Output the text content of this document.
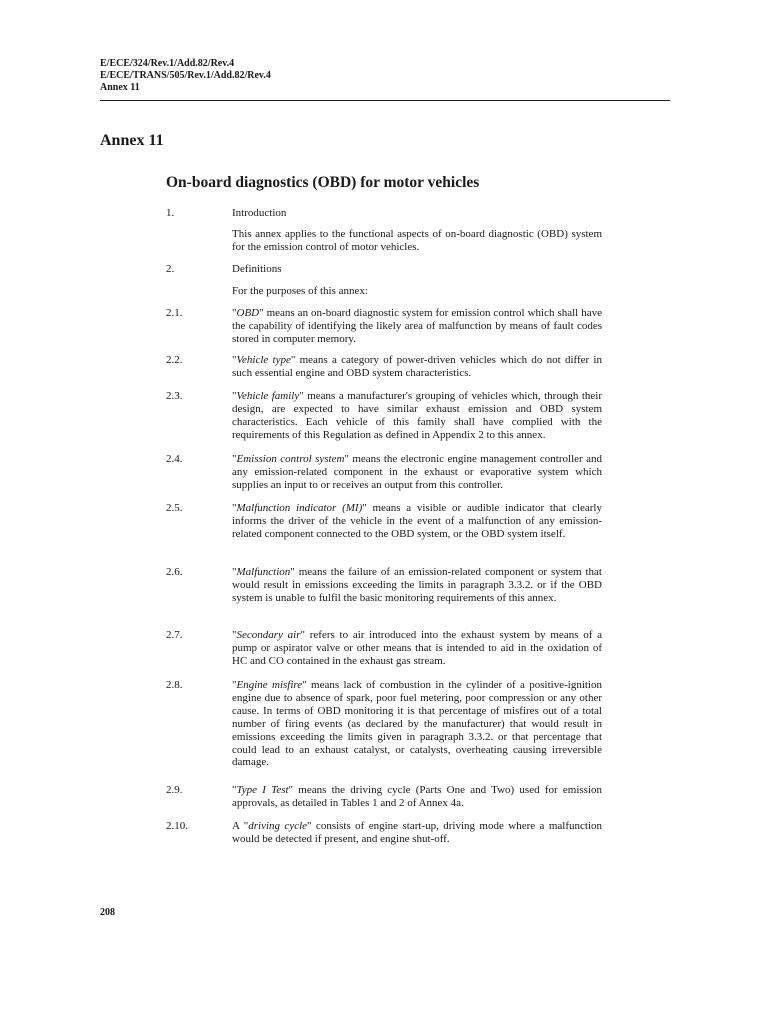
E/ECE/324/Rev.1/Add.82/Rev.4

E/ECE/TRANS/505/Rev.1/Add.82/Rev.4

Annex 11

Annex 11
On-board diagnostics (OBD) for motor vehicles
1.	Introduction
This annex applies to the functional aspects of on-board diagnostic (OBD) system for the emission control of motor vehicles.
2.	Definitions
For the purposes of this annex:
2.1.	"OBD" means an on-board diagnostic system for emission control which shall have the capability of identifying the likely area of malfunction by means of fault codes stored in computer memory.
2.2.	"Vehicle type" means a category of power-driven vehicles which do not differ in such essential engine and OBD system characteristics.
2.3.	"Vehicle family" means a manufacturer's grouping of vehicles which, through their design, are expected to have similar exhaust emission and OBD system characteristics. Each vehicle of this family shall have complied with the requirements of this Regulation as defined in Appendix 2 to this annex.
2.4.	"Emission control system" means the electronic engine management controller and any emission-related component in the exhaust or evaporative system which supplies an input to or receives an output from this controller.
2.5.	"Malfunction indicator (MI)" means a visible or audible indicator that clearly informs the driver of the vehicle in the event of a malfunction of any emission-related component connected to the OBD system, or the OBD system itself.
2.6.	"Malfunction" means the failure of an emission-related component or system that would result in emissions exceeding the limits in paragraph 3.3.2. or if the OBD system is unable to fulfil the basic monitoring requirements of this annex.
2.7.	"Secondary air" refers to air introduced into the exhaust system by means of a pump or aspirator valve or other means that is intended to aid in the oxidation of HC and CO contained in the exhaust gas stream.
2.8.	"Engine misfire" means lack of combustion in the cylinder of a positive-ignition engine due to absence of spark, poor fuel metering, poor compression or any other cause. In terms of OBD monitoring it is that percentage of misfires out of a total number of firing events (as declared by the manufacturer) that would result in emissions exceeding the limits given in paragraph 3.3.2. or that percentage that could lead to an exhaust catalyst, or catalysts, overheating causing irreversible damage.
2.9.	"Type I Test" means the driving cycle (Parts One and Two) used for emission approvals, as detailed in Tables 1 and 2 of Annex 4a.
2.10.	A "driving cycle" consists of engine start-up, driving mode where a malfunction would be detected if present, and engine shut-off.
208
